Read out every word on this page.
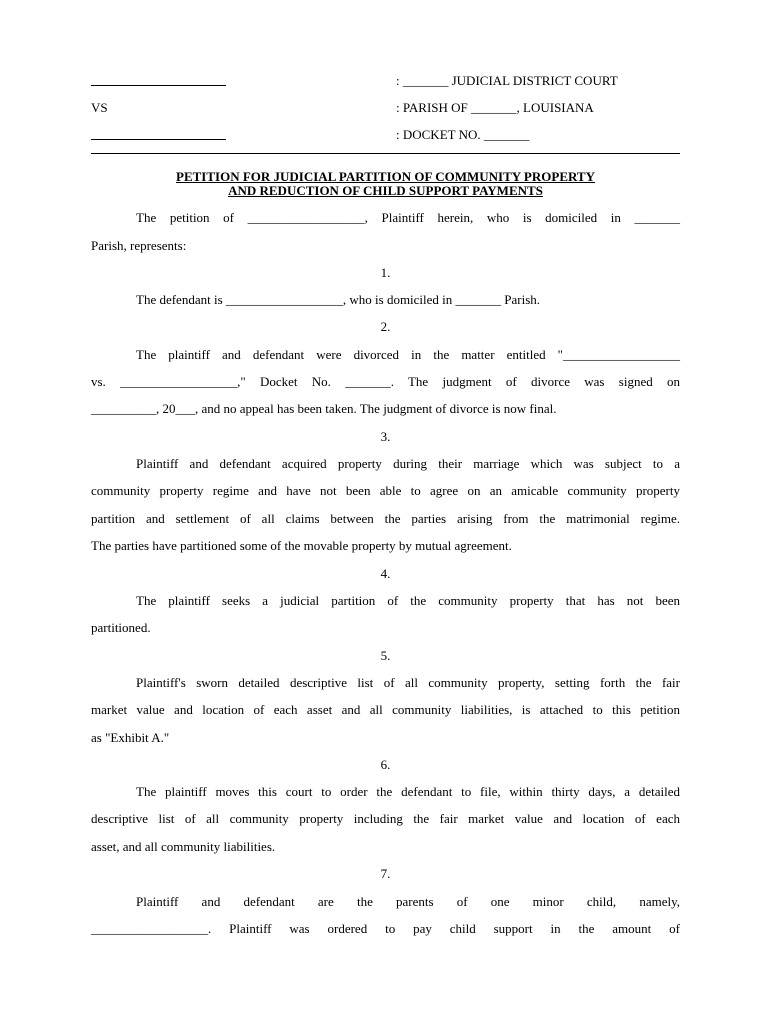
: _______ JUDICIAL DISTRICT COURT
VS	: PARISH OF _______, LOUISIANA
: DOCKET NO. _______
PETITION FOR JUDICIAL PARTITION OF COMMUNITY PROPERTY
AND REDUCTION OF CHILD SUPPORT PAYMENTS
The petition of __________________, Plaintiff herein, who is domiciled in _______
Parish, represents:
1.
The defendant is __________________, who is domiciled in _______ Parish.
2.
The plaintiff and defendant were divorced in the matter entitled "__________________
vs. __________________," Docket No. _______. The judgment of divorce was signed on
__________, 20___, and no appeal has been taken. The judgment of divorce is now final.
3.
Plaintiff and defendant acquired property during their marriage which was subject to a
community property regime and have not been able to agree on an amicable community property
partition and settlement of all claims between the parties arising from the matrimonial regime.
The parties have partitioned some of the movable property by mutual agreement.
4.
The plaintiff seeks a judicial partition of the community property that has not been
partitioned.
5.
Plaintiff's sworn detailed descriptive list of all community property, setting forth the fair
market value and location of each asset and all community liabilities, is attached to this petition
as "Exhibit A."
6.
The plaintiff moves this court to order the defendant to file, within thirty days, a detailed
descriptive list of all community property including the fair market value and location of each
asset, and all community liabilities.
7.
Plaintiff and defendant are the parents of one minor child, namely,
__________________. Plaintiff was ordered to pay child support in the amount of
